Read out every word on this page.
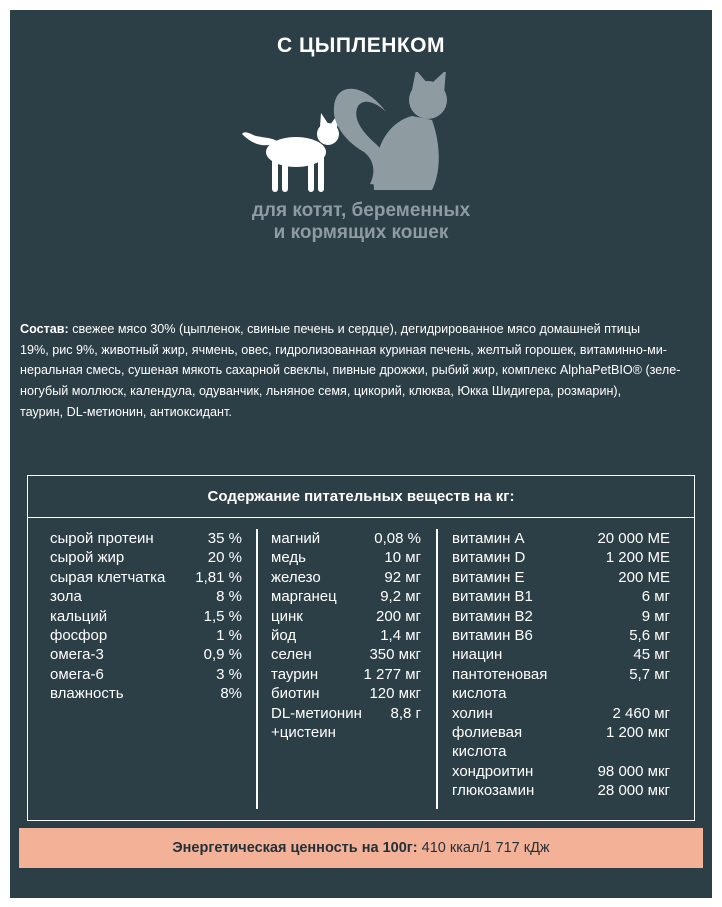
С ЦЫПЛЕНКОМ
для котят, беременных
и кормящих кошек
Состав: свежее мясо 30% (цыпленок, свиные печень и сердце), дегидрированное мясо домашней птицы
19%, рис 9%, животный жир, ячмень, овес, гидролизованная куриная печень, желтый горошек, витаминно-ми-
неральная смесь, сушеная мякоть сахарной свеклы, пивные дрожжи, рыбий жир, комплекс AlphaPetBIO® (зеле-
ногубый моллюск, календула, одуванчик, льняное семя, цикорий, клюква, Юкка Шидигера, розмарин),
таурин, DL-метионин, антиоксидант.
Содержание питательных веществ на кг:
сырой протеин	35 %
сырой жир	20 %
сырая клетчатка 1,81 %
зола	8 %
кальций	1,5 %
фосфор	1 %
омега-3	0,9 %
омега-6	3 %
влажность	8%
магний	0,08 %
медь	10 мг
железо	92 мг
марганец	9,2 мг
цинк	200 мг
йод	1,4 мг
селен	350 мкг
таурин	1 277 мг
биотин	120 мкг
DL-метионин 8,8 г
+цистеин
витамин А	20 000 МЕ
витамин D	1 200 МЕ
витамин Е	200 МЕ
витамин В1	6 мг
витамин В2	9 мг
витамин В6	5,6 мг
ниацин	45 мг
пантотеновая	5,7 мг
кислота
холин	2 460 мг
фолиевая	1 200 мкг
кислота
хондроитин	98 000 мкг
глюкозамин	28 000 мкг
Энергетическая ценность на 100г: 410 ккал/1 717 кДж
